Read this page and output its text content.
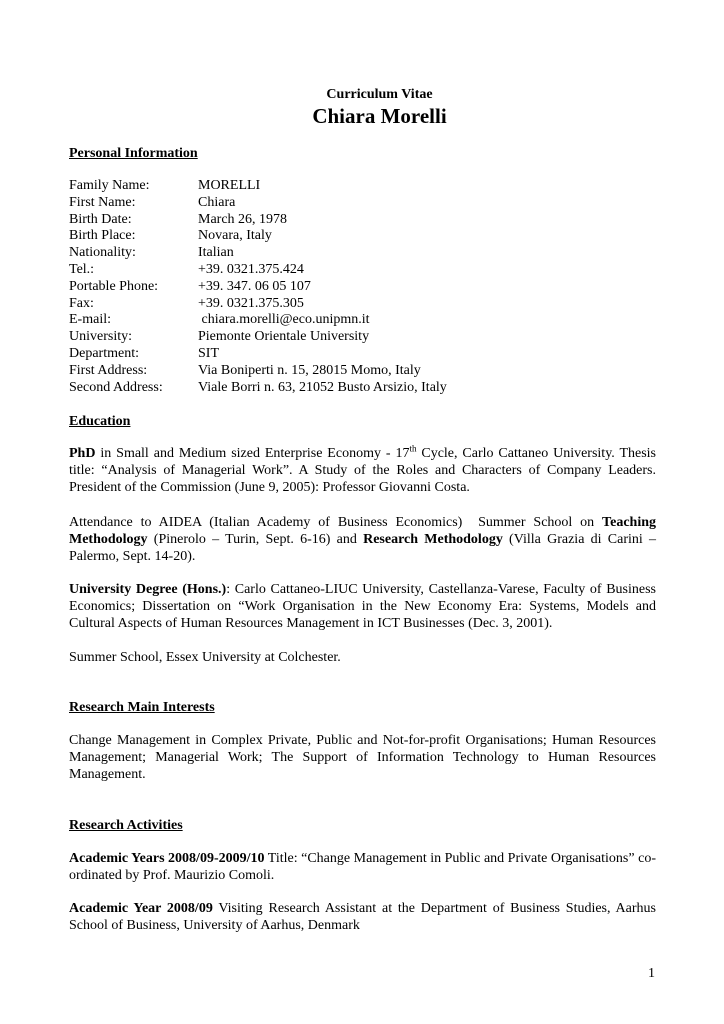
Curriculum Vitae
Chiara Morelli
Personal Information
Family Name:	MORELLI
First Name:	Chiara
Birth Date:	March 26, 1978
Birth Place:	Novara, Italy
Nationality:	Italian
Tel.:	+39. 0321.375.424
Portable Phone:	+39. 347. 06 05 107
Fax:	+39. 0321.375.305
E-mail:	chiara.morelli@eco.unipmn.it
University:	Piemonte Orientale University
Department:	SIT
First Address:	Via Boniperti n. 15, 28015 Momo, Italy
Second Address:	Viale Borri n. 63, 21052 Busto Arsizio, Italy
Education

PhD in Small and Medium sized Enterprise Economy - 17th Cycle, Carlo Cattaneo University. Thesis title: “Analysis of Managerial Work”. A Study of the Roles and Characters of Company Leaders. President of the Commission (June 9, 2005): Professor Giovanni Costa.

Attendance to AIDEA (Italian Academy of Business Economics)  Summer School on Teaching Methodology (Pinerolo – Turin, Sept. 6-16) and Research Methodology (Villa Grazia di Carini – Palermo, Sept. 14-20).

University Degree (Hons.): Carlo Cattaneo-LIUC University, Castellanza-Varese, Faculty of Business Economics; Dissertation on “Work Organisation in the New Economy Era: Systems, Models and Cultural Aspects of Human Resources Management in ICT Businesses (Dec. 3, 2001).

Summer School, Essex University at Colchester.

Research Main Interests

Change Management in Complex Private, Public and Not-for-profit Organisations; Human Resources Management; Managerial Work; The Support of Information Technology to Human Resources Management.

Research Activities

Academic Years 2008/09-2009/10 Title: “Change Management in Public and Private Organisations” co-ordinated by Prof. Maurizio Comoli.

Academic Year 2008/09 Visiting Research Assistant at the Department of Business Studies, Aarhus School of Business, University of Aarhus, Denmark

1
